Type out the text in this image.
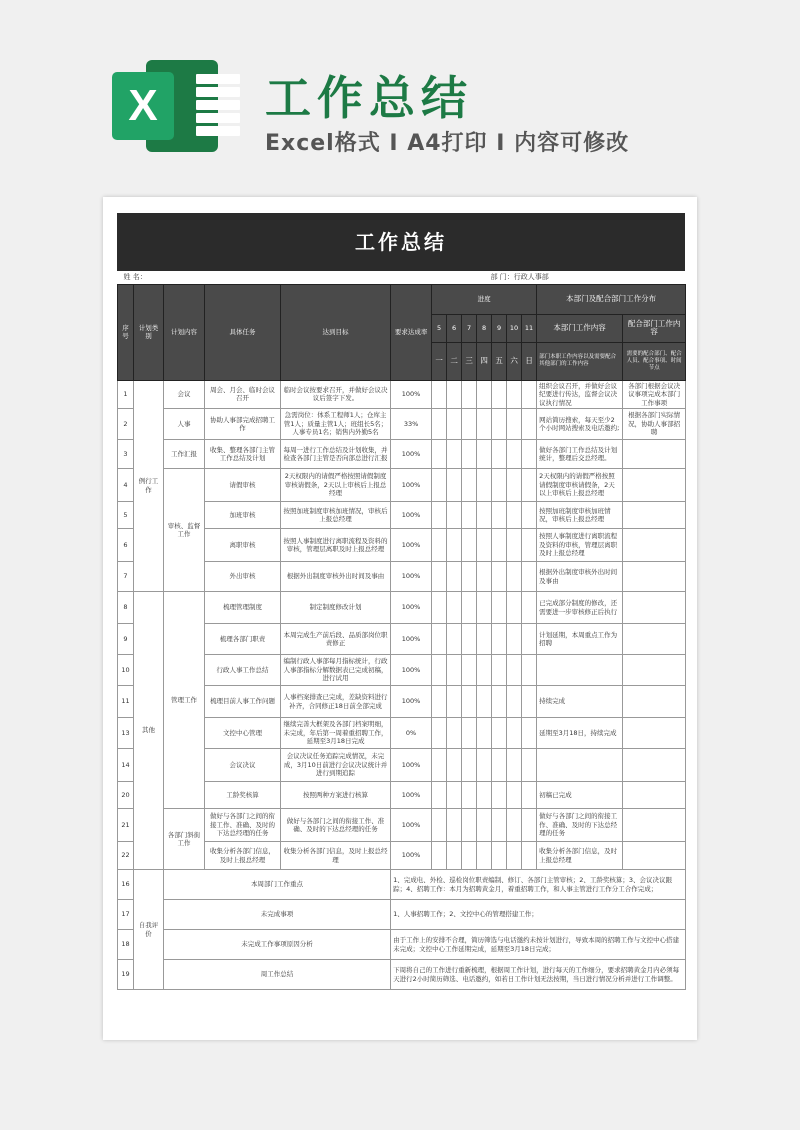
X	工作总结
Excel格式 I A4打印 I 内容可修改
工作总结
姓 名：					部 门：行政人事部									
序号	计划类别	计划内容	具体任务	达到目标	要求达成率	进度							本部门及配合部门工作分布	
						5	6	7	8	9	10	11	本部门工作内容	配合部门工作内容
						一	二	三	四	五	六	日	部门本职工作内容以及需要配合其他部门的工作内容	需要的配合部门、配合人员、配合事项、时间节点
1	例行工作	会议	周会、月会、临时会议召开	临时会议按要求召开，并做好会议决议后签字下发。	100%								组织会议召开，并做好会议纪要进行传达，监督会议决议执行情况	各部门根据会议决议事项完成本部门工作事项
2		人事	协助人事部完成招聘工作	急需岗位：体系工程师1人；仓库主管1人；质量主管1人；班组长5名；人事专员1名；销售内外勤5名	33%								网站简历搜索，每天至少2个小时网站搜索及电话邀约;	根据各部门实际情况，协助人事部招聘
3		工作汇报	收集、整理各部门主管工作总结及计划	每周一进行工作总结及计划收集，并检查各部门主管是否向部总进行汇报	100%								做好各部门工作总结及计划统计，整理后交总经理。	
4		审核、监督工作	请假审核	2天权限内的请假严格按照请假制度审核请假条，2天以上审核后上报总经理	100%								2天权限内的请假严格按照请假制度审核请假条，2天以上审核后上报总经理	
5			加班审核	按照加班制度审核加班情况，审核后上报总经理	100%								按照加班制度审核加班情况，审核后上报总经理	
6			离职审核	按照人事制度进行离职流程及资料的审核，管理层离职及时上报总经理	100%								按照人事制度进行离职流程及资料的审核，管理层离职及时上报总经理	
7			外出审核	根据外出制度审核外出时间及事由	100%								根据外出制度审核外出时间及事由	
8	其他	管理工作	梳理管理制度	制定制度修改计划	100%								已完成部分制度的修改，还需要进一步审核修正后执行	
9			梳理各部门职责	本周完成生产前后段、品质部岗位职责修正	100%								计划延期，本周重点工作为招聘	
10			行政人事工作总结	编制行政人事部每月指标统计，行政人事部指标分解数据表已完成初稿，进行试用	100%									
11			梳理目前人事工作问题	人事档案排查已完成，差缺资料进行补齐，合同修正18日前全部完成	100%								持续完成	
13			文控中心管理	继续完善大框架及各部门档案明细，未完成，年后第一周着重招聘工作，延期至3月18日完成	0%								延期至3月18日，持续完成	
14			会议决议	会议决议任务追踪完成情况，未完成，3月10日前进行会议决议统计并进行到期追踪	100%									
20			工龄奖核算	按照两种方案进行核算	100%								初稿已完成	
21		各部门斜街工作	做好与各部门之间的衔接工作、准确、及时的下达总经理的任务	做好与各部门之间的衔接工作、准确、及时的下达总经理的任务	100%								做好与各部门之间的衔接工作、准确、及时的下达总经理的任务	
22			收集分析各部门信息，及时上报总经理	收集分析各部门信息，及时上报总经理	100%								收集分析各部门信息，及时上报总经理	
16	自我评价	本周部门工作重点			1、完成电、外检、巡检岗位职责编制、修订、各部门主管审核；2、工龄奖核算；3、会议决议跟踪；4、招聘工作：本月为招聘黄金月，着重招聘工作，和人事主管进行工作分工合作完成；									
17		未完成事项			1、人事招聘工作；2、文控中心的管理搭建工作；									
18		未完成工作事项原因分析			由于工作上的安排不合理，简历筛选与电话邀约未按计划进行，导致本周的招聘工作与文控中心搭建未完成；文控中心工作延期完成，延期至3月18日完成；									
19		周工作总结			下周将自己的工作进行重新梳理，根据周工作计划，进行每天的工作细分，要求招聘黄金月内必须每天进行2小时简历筛选、电话邀约，如若日工作计划无法按期，当日进行情况分析并进行工作调整。									
